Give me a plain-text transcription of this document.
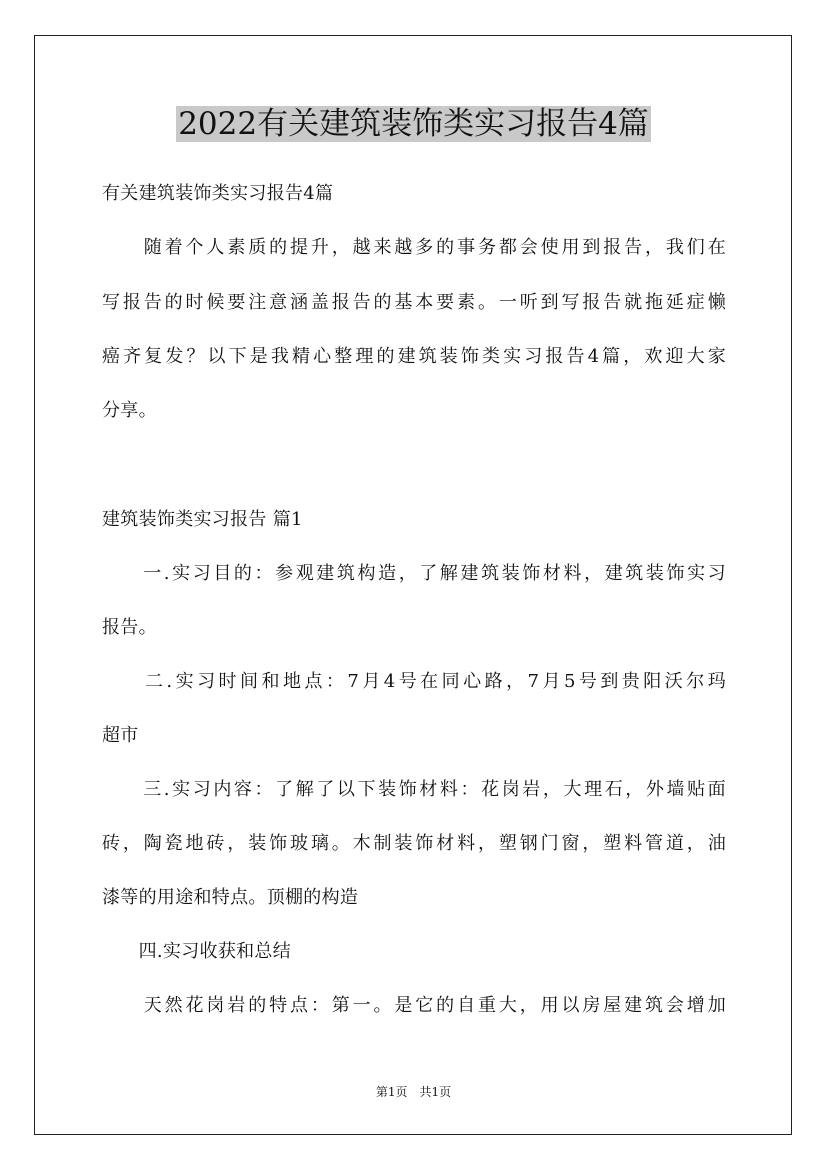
2022有关建筑装饰类实习报告4篇
有关建筑装饰类实习报告4篇
　　随着个人素质的提升，越来越多的事务都会使用到报告，我们在
写报告的时候要注意涵盖报告的基本要素。一听到写报告就拖延症懒
癌齐复发？以下是我精心整理的建筑装饰类实习报告4篇，欢迎大家
分享。
建筑装饰类实习报告 篇1
　　一.实习目的：参观建筑构造，了解建筑装饰材料，建筑装饰实习
报告。
　　二.实习时间和地点：7月4号在同心路，7月5号到贵阳沃尔玛
超市
　　三.实习内容：了解了以下装饰材料：花岗岩，大理石，外墙贴面
砖，陶瓷地砖，装饰玻璃。木制装饰材料，塑钢门窗，塑料管道，油
漆等的用途和特点。顶棚的构造
　　四.实习收获和总结
　　天然花岗岩的特点：第一。是它的自重大，用以房屋建筑会增加
第1页　共1页
